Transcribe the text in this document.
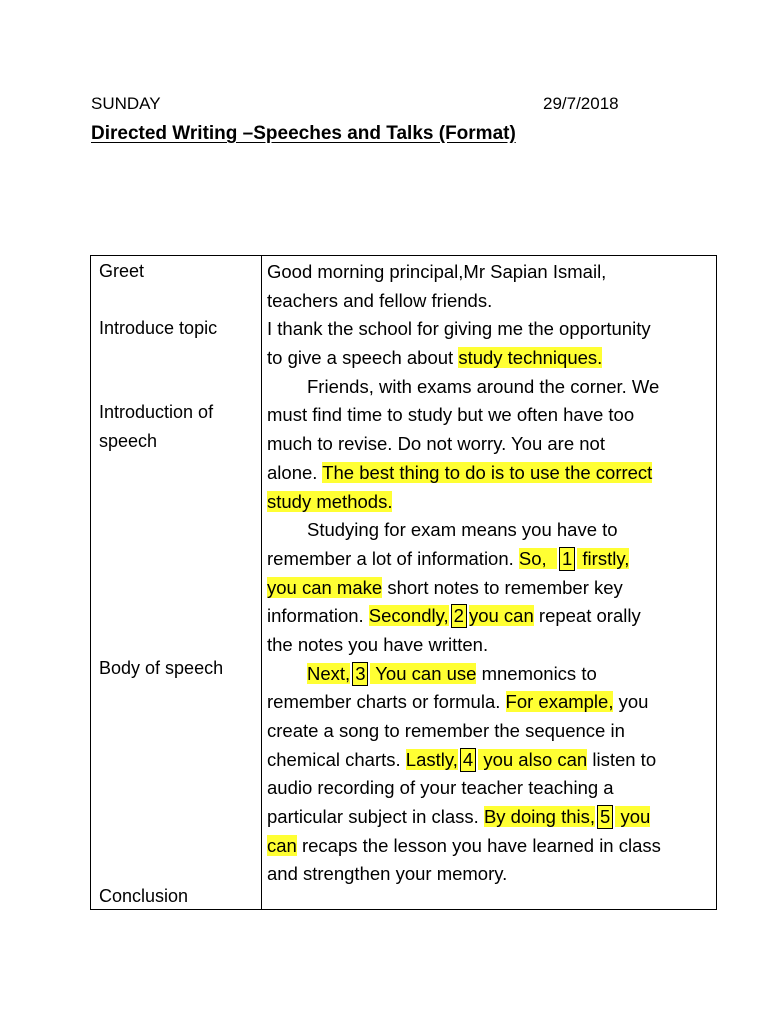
SUNDAY	29/7/2018
Directed Writing –Speeches and Talks (Format)
Greet
Introduce topic
Introduction of
speech
Body of speech
Conclusion
Good morning principal,Mr Sapian Ismail,
teachers and fellow friends.
I thank the school for giving me the opportunity
to give a speech about study techniques.
Friends, with exams around the corner. We
must find time to study but we often have too
much to revise. Do not worry. You are not
alone. The best thing to do is to use the correct
study methods.
Studying for exam means you have to
remember a lot of information. So, 1 firstly,
you can make short notes to remember key
information. Secondly, 2 you can repeat orally
the notes you have written.
Next, 3 You can use mnemonics to
remember charts or formula. For example, you
create a song to remember the sequence in
chemical charts. Lastly, 4 you also can listen to
audio recording of your teacher teaching a
particular subject in class. By doing this, 5 you
can recaps the lesson you have learned in class
and strengthen your memory.
